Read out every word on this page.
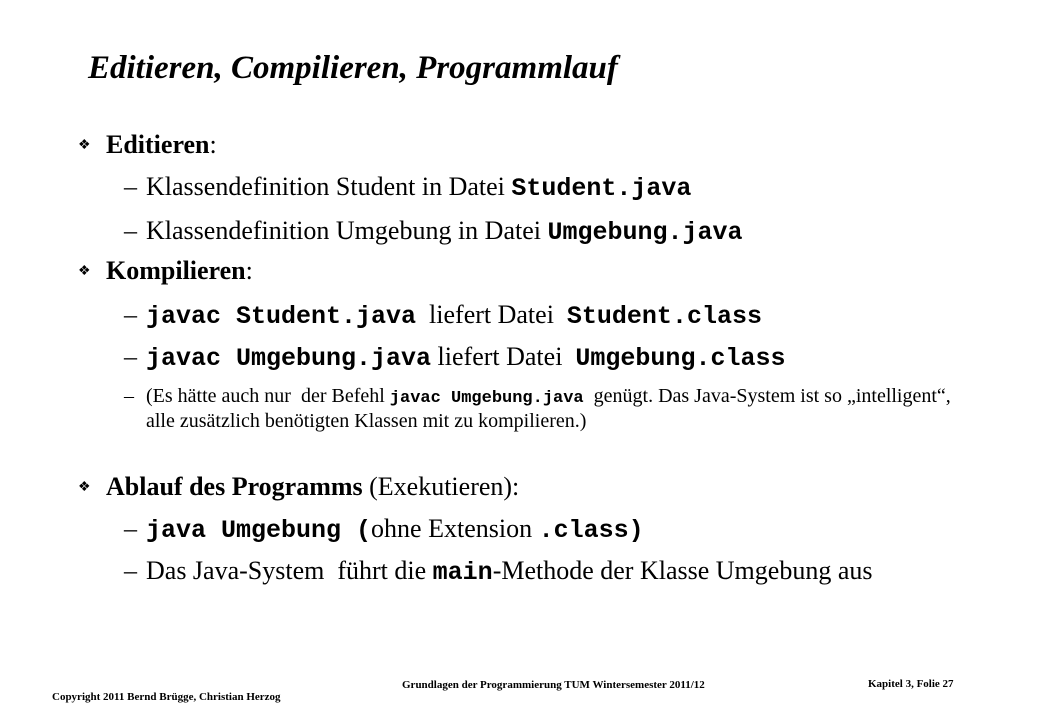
Editieren, Compilieren, Programmlauf
❖ Editieren:
– Klassendefinition Student in Datei Student.java
– Klassendefinition Umgebung in Datei Umgebung.java
❖ Kompilieren:
– javac Student.java  liefert Datei  Student.class
– javac Umgebung.java liefert Datei  Umgebung.class
– (Es hätte auch nur  der Befehl javac Umgebung.java  genügt. Das Java-System ist so „intelligent“, alle zusätzlich benötigten Klassen mit zu kompilieren.)
❖ Ablauf des Programms (Exekutieren):
– java Umgebung (ohne Extension .class)
– Das Java-System  führt die main-Methode der Klasse Umgebung aus
Copyright 2011 Bernd Brügge, Christian Herzog
Grundlagen der Programmierung TUM Wintersemester 2011/12	Kapitel 3, Folie 27
